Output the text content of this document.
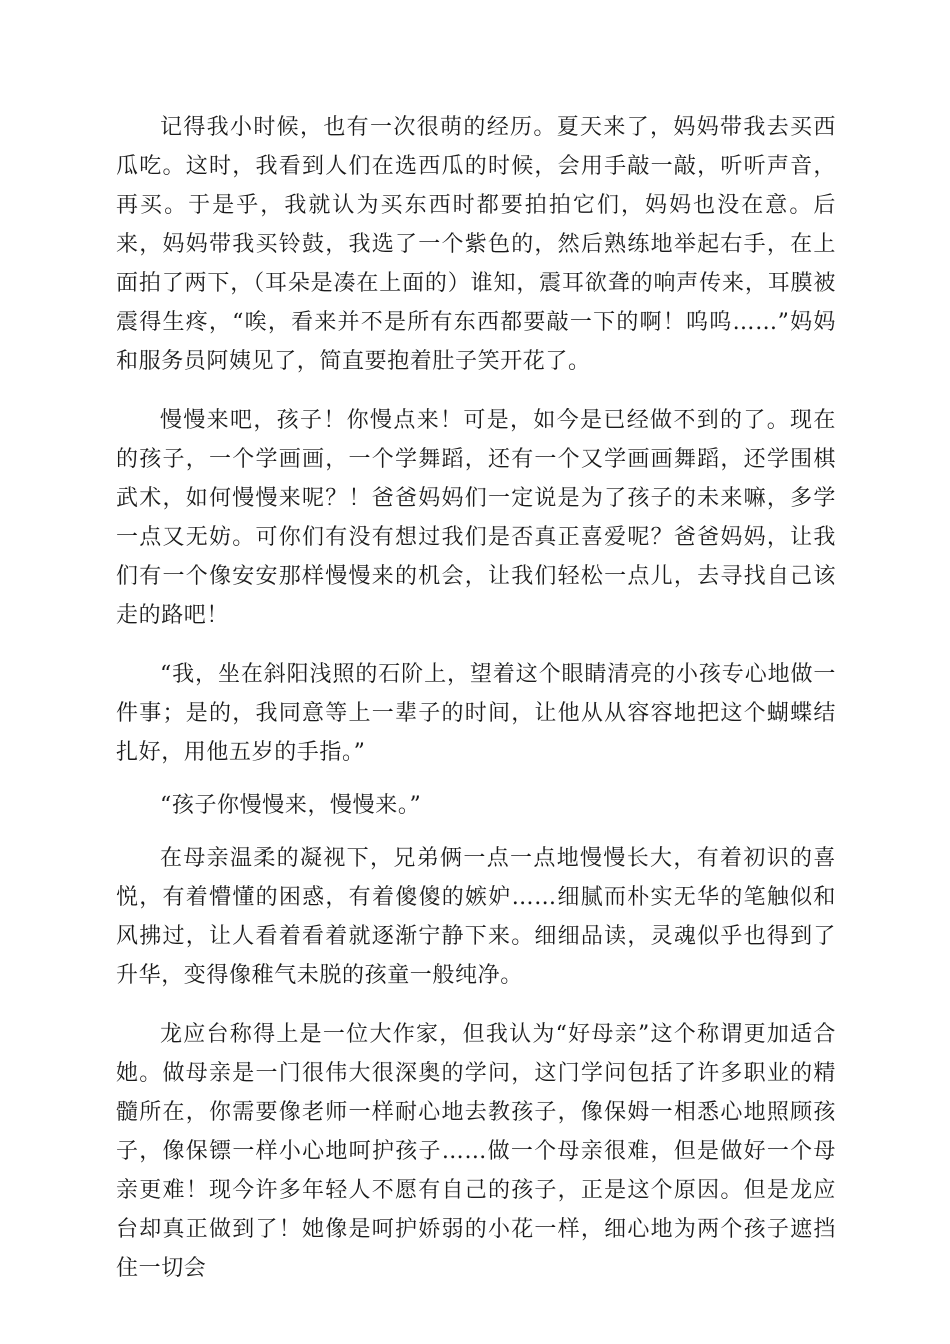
记得我小时候，也有一次很萌的经历。夏天来了，妈妈带我去买西瓜吃。这时，我看到人们在选西瓜的时候，会用手敲一敲，听听声音，再买。于是乎，我就认为买东西时都要拍拍它们，妈妈也没在意。后来，妈妈带我买铃鼓，我选了一个紫色的，然后熟练地举起右手，在上面拍了两下，（耳朵是凑在上面的）谁知，震耳欲聋的响声传来，耳膜被震得生疼，“唉，看来并不是所有东西都要敲一下的啊！呜呜……”妈妈和服务员阿姨见了，简直要抱着肚子笑开花了。

慢慢来吧，孩子！你慢点来！可是，如今是已经做不到的了。现在的孩子，一个学画画，一个学舞蹈，还有一个又学画画舞蹈，还学围棋武术，如何慢慢来呢？！爸爸妈妈们一定说是为了孩子的未来嘛，多学一点又无妨。可你们有没有想过我们是否真正喜爱呢？爸爸妈妈，让我们有一个像安安那样慢慢来的机会，让我们轻松一点儿，去寻找自己该走的路吧！

“我，坐在斜阳浅照的石阶上，望着这个眼睛清亮的小孩专心地做一件事；是的，我同意等上一辈子的时间，让他从从容容地把这个蝴蝶结扎好，用他五岁的手指。”

“孩子你慢慢来，慢慢来。”

在母亲温柔的凝视下，兄弟俩一点一点地慢慢长大，有着初识的喜悦，有着懵懂的困惑，有着傻傻的嫉妒……细腻而朴实无华的笔触似和风拂过，让人看着看着就逐渐宁静下来。细细品读，灵魂似乎也得到了升华，变得像稚气未脱的孩童一般纯净。

龙应台称得上是一位大作家，但我认为“好母亲”这个称谓更加适合她。做母亲是一门很伟大很深奥的学问，这门学问包括了许多职业的精髓所在，你需要像老师一样耐心地去教孩子，像保姆一相悉心地照顾孩子，像保镖一样小心地呵护孩子……做一个母亲很难，但是做好一个母亲更难！现今许多年轻人不愿有自己的孩子，正是这个原因。但是龙应台却真正做到了！她像是呵护娇弱的小花一样，细心地为两个孩子遮挡住一切会
